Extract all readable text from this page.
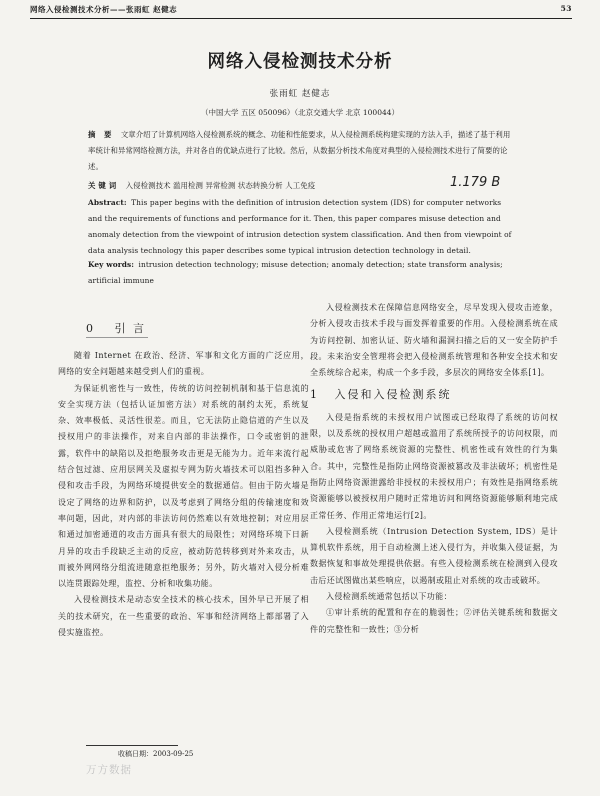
网络入侵检测技术分析——张雨虹 赵健志	53
网络入侵检测技术分析
张雨虹 赵健志
（中国大学 五区 050096）（北京交通大学 北京 100044）
摘 要 文章介绍了计算机网络入侵检测系统的概念、功能和性能要求，从入侵检测系统构建实现的方法入手，描述了基于利用率统计和异常网络检测方法，并对各自的优缺点进行了比较。然后，从数据分析技术角度对典型的入侵检测技术进行了简要的论述。
关键词 入侵检测技术 滥用检测 异常检测 状态转换分析 人工免疫	1.179 B
Abstract: This paper begins with the definition of intrusion detection system (IDS) for computer networks and the requirements of functions and performance for it. Then, this paper compares misuse detection and anomaly detection from the viewpoint of intrusion detection system classification. And then from viewpoint of data analysis technology this paper describes some typical intrusion detection technology in detail.
Key words: intrusion detection technology; misuse detection; anomaly detection; state transform analysis; artificial immune
0 引 言

随着 Internet 在政治、经济、军事和文化方面的广泛应用，网络的安全问题越来越受到人们的重视。

为保证机密性与一致性，传统的访问控制机制和基于信息流的安全实现方法（包括认证加密方法）对系统的制约太死，系统复杂、效率极低、灵活性很差。而且，它无法防止隐信道的产生以及授权用户的非法操作，对来自内部的非法操作，口令或密钥的泄露，软件中的缺陷以及拒绝服务攻击更是无能为力。近年来流行起结合包过滤、应用层网关及虚拟专网为防火墙技术可以阻挡多种入侵和攻击手段，为网络环境提供安全的数据通信。但由于防火墙是设定了网络的边界和防护，以及考虑到了网络分组的传输速度和效率问题，因此，对内部的非法访问仍然难以有效地控制；对应用层和通过加密通道的攻击方面具有很大的局限性；对网络环境下日新月异的攻击手段缺乏主动的反应，被动防范转移到对外来攻击，从而被外网网络分组流进随意拒绝服务；另外，防火墙对入侵分析难以连贯跟踪处理，监控、分析和收集功能。

入侵检测技术是动态安全技术的核心技术，国外早已开展了相关的技术研究，在一些重要的政治、军事和经济网络上都部署了入侵实施监控。

入侵检测技术在保障信息网络安全，尽早发现入侵攻击迹象，分析入侵攻击技术手段与面发挥着重要的作用。入侵检测系统在成为访问控制、加密认证、防火墙和漏洞扫描之后的又一安全防护手段。未来治安全管理将会把入侵检测系统管理和各种安全技术和安全系统综合起来，构成一个多手段，多层次的网络安全体系[1]。

1 入侵和入侵检测系统

入侵是指系统的未授权用户试图或已经取得了系统的访问权限，以及系统的授权用户超越或滥用了系统所授予的访问权限，而威胁或危害了网络系统资源的完整性、机密性或有效性的行为集合。其中，完整性是指防止网络资源被篡改及非法破坏；机密性是指防止网络资源泄露给非授权的未授权用户；有效性是指网络系统资源能够以被授权用户随时正常地访问和网络资源能够顺利地完成正常任务、作用正常地运行[2]。

入侵检测系统（Intrusion Detection System, IDS）是计算机软件系统，用于自动检测上述入侵行为，并收集入侵证据，为数据恢复和事故处理提供依据。有些入侵检测系统在检测到入侵攻击后还试图做出某些响应，以遏制或阻止对系统的攻击或破坏。

入侵检测系统通常包括以下功能：

①审计系统的配置和存在的脆弱性；②评估关键系统和数据文件的完整性和一致性；③分析

收稿日期：2003-09-25
万方数据
